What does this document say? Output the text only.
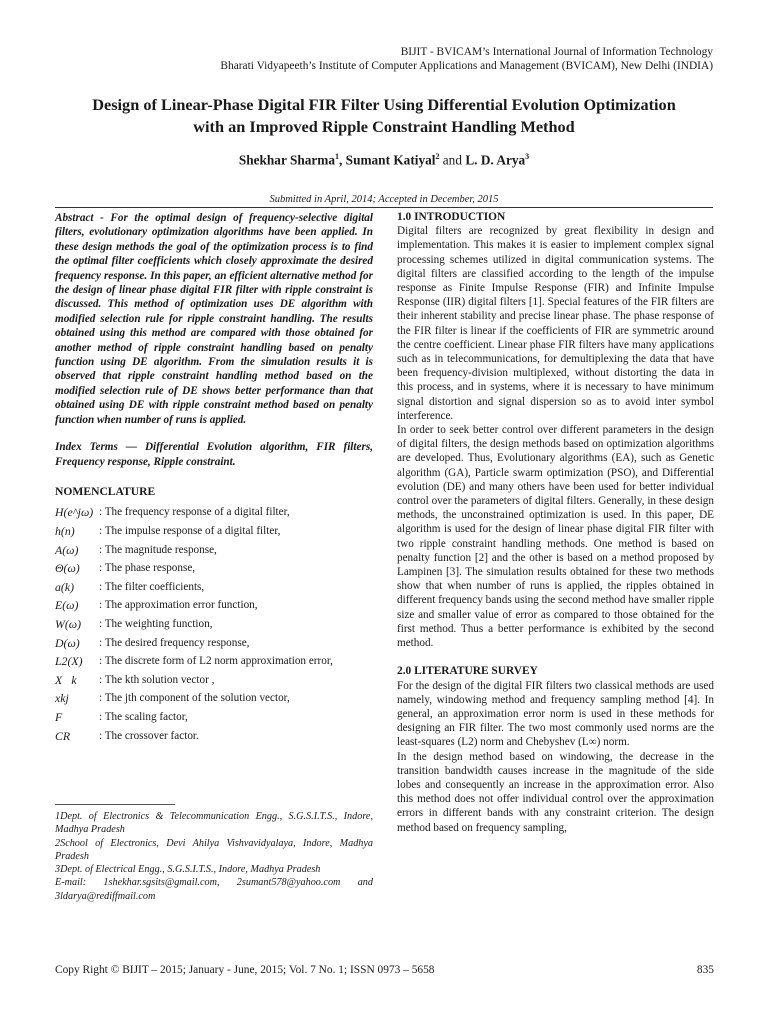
BIJIT - BVICAM’s International Journal of Information Technology
Bharati Vidyapeeth’s Institute of Computer Applications and Management (BVICAM), New Delhi (INDIA)
Design of Linear-Phase Digital FIR Filter Using Differential Evolution Optimization
with an Improved Ripple Constraint Handling Method
Shekhar Sharma$^1$, Sumant Katiyal$^2$ and L. D. Arya$^3$
Submitted in April, 2014; Accepted in December, 2015

Abstract - For the optimal design of frequency-selective digital filters, evolutionary optimization algorithms have been applied. In these design methods the goal of the optimization process is to find the optimal filter coefficients which closely approximate the desired frequency response. In this paper, an efficient alternative method for the design of linear phase digital FIR filter with ripple constraint is discussed. This method of optimization uses DE algorithm with modified selection rule for ripple constraint handling. The results obtained using this method are compared with those obtained for another method of ripple constraint handling based on penalty function using DE algorithm. From the simulation results it is observed that ripple constraint handling method based on the modified selection rule of DE shows better performance than that obtained using DE with ripple constraint method based on penalty function when number of runs is applied.

Index Terms — Differential Evolution algorithm, FIR filters, Frequency response, Ripple constraint.

NOMENCLATURE
H(e^jω) : The frequency response of a digital filter,
h(n)	: The impulse response of a digital filter,
A(ω)	: The magnitude response,
Θ(ω)	: The phase response,
a(k)	: The filter coefficients,
E(ω)	: The approximation error function,
W(ω)	: The weighting function,
D(ω)	: The desired frequency response,
L2(X)	: The discrete form of L2 norm approximation error,
X⃗k	: The kth solution vector ,
xkj	: The jth component of the solution vector,
F	: The scaling factor,
CR	: The crossover factor.

1Dept. of Electronics & Telecommunication Engg., S.G.S.I.T.S., Indore, Madhya Pradesh

2School of Electronics, Devi Ahilya Vishvavidyalaya, Indore, Madhya Pradesh

3Dept. of Electrical Engg., S.G.S.I.T.S., Indore, Madhya Pradesh

E-mail: 1shekhar.sgsits@gmail.com, 2sumant578@yahoo.com and 3ldarya@rediffmail.com

1.0 INTRODUCTION

Digital filters are recognized by great flexibility in design and implementation. This makes it is easier to implement complex signal processing schemes utilized in digital communication systems. The digital filters are classified according to the length of the impulse response as Finite Impulse Response (FIR) and Infinite Impulse Response (IIR) digital filters [1]. Special features of the FIR filters are their inherent stability and precise linear phase. The phase response of the FIR filter is linear if the coefficients of FIR are symmetric around the centre coefficient. Linear phase FIR filters have many applications such as in telecommunications, for demultiplexing the data that have been frequency-division multiplexed, without distorting the data in this process, and in systems, where it is necessary to have minimum signal distortion and signal dispersion so as to avoid inter symbol interference.

In order to seek better control over different parameters in the design of digital filters, the design methods based on optimization algorithms are developed. Thus, Evolutionary algorithms (EA), such as Genetic algorithm (GA), Particle swarm optimization (PSO), and Differential evolution (DE) and many others have been used for better individual control over the parameters of digital filters. Generally, in these design methods, the unconstrained optimization is used. In this paper, DE algorithm is used for the design of linear phase digital FIR filter with two ripple constraint handling methods. One method is based on penalty function [2] and the other is based on a method proposed by Lampinen [3]. The simulation results obtained for these two methods show that when number of runs is applied, the ripples obtained in different frequency bands using the second method have smaller ripple size and smaller value of error as compared to those obtained for the first method. Thus a better performance is exhibited by the second method.

2.0 LITERATURE SURVEY

For the design of the digital FIR filters two classical methods are used namely, windowing method and frequency sampling method [4]. In general, an approximation error norm is used in these methods for designing an FIR filter. The two most commonly used norms are the least-squares (L2) norm and Chebyshev (L∞) norm.

In the design method based on windowing, the decrease in the transition bandwidth causes increase in the magnitude of the side lobes and consequently an increase in the approximation error. Also this method does not offer individual control over the approximation errors in different bands with any constraint criterion. The design method based on frequency sampling,

Copy Right © BIJIT – 2015; January - June, 2015; Vol. 7 No. 1; ISSN 0973 – 5658	835
